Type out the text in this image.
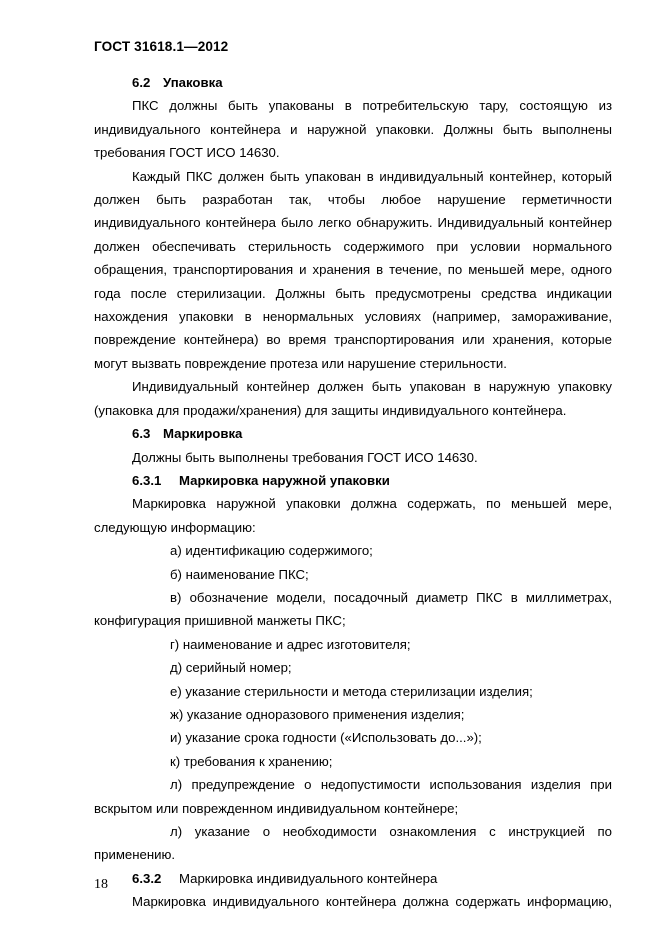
ГОСТ 31618.1—2012

6.2 Упаковка

ПКС должны быть упакованы в потребительскую тару, состоящую из индивидуального контейнера и наружной упаковки. Должны быть выполнены требования ГОСТ ИСО 14630.

Каждый ПКС должен быть упакован в индивидуальный контейнер, который должен быть разработан так, чтобы любое нарушение герметичности индивидуального контейнера было легко обнаружить. Индивидуальный контейнер должен обеспечивать стерильность содержимого при условии нормального обращения, транспортирования и хранения в течение, по меньшей мере, одного года после стерилизации. Должны быть предусмотрены средства индикации нахождения упаковки в ненормальных условиях (например, замораживание, повреждение контейнера) во время транспортирования или хранения, которые могут вызвать повреждение протеза или нарушение стерильности.

Индивидуальный контейнер должен быть упакован в наружную упаковку (упаковка для продажи/хранения) для защиты индивидуального контейнера.

6.3 Маркировка

Должны быть выполнены требования ГОСТ ИСО 14630.

6.3.1 Маркировка наружной упаковки

Маркировка наружной упаковки должна содержать, по меньшей мере, следующую информацию:

а) идентификацию содержимого;

б) наименование ПКС;

в) обозначение модели, посадочный диаметр ПКС в миллиметрах, конфигурация пришивной манжеты ПКС;

г) наименование и адрес изготовителя;

д) серийный номер;

е) указание стерильности и метода стерилизации изделия;

ж) указание одноразового применения изделия;

и) указание срока годности («Использовать до...»);

к) требования к хранению;

л) предупреждение о недопустимости использования изделия при вскрытом или поврежденном индивидуальном контейнере;

л) указание о необходимости ознакомления с инструкцией по применению.

6.3.2 Маркировка индивидуального контейнера

Маркировка индивидуального контейнера должна содержать информацию,

18
